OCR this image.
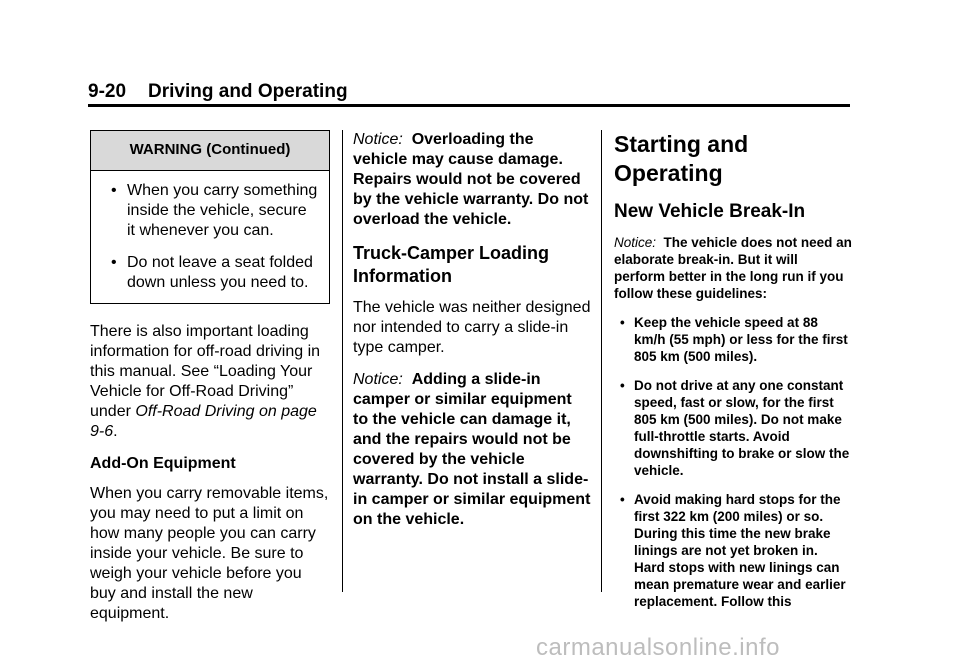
9-20 Driving and Operating
WARNING (Continued)
• When you carry something inside the vehicle, secure it whenever you can.
• Do not leave a seat folded down unless you need to.

There is also important loading information for off-road driving in this manual. See “Loading Your Vehicle for Off-Road Driving” under Off-Road Driving on page 9-6.

Add-On Equipment

When you carry removable items, you may need to put a limit on how many people you can carry inside your vehicle. Be sure to weigh your vehicle before you buy and install the new equipment.

Notice: Overloading the vehicle may cause damage. Repairs would not be covered by the vehicle warranty. Do not overload the vehicle.

Truck-Camper Loading Information

The vehicle was neither designed nor intended to carry a slide-in type camper.

Notice: Adding a slide-in camper or similar equipment to the vehicle can damage it, and the repairs would not be covered by the vehicle warranty. Do not install a slide-in camper or similar equipment on the vehicle.

Starting and Operating
New Vehicle Break-In

Notice: The vehicle does not need an elaborate break-in. But it will perform better in the long run if you follow these guidelines:

• Keep the vehicle speed at 88 km/h (55 mph) or less for the first 805 km (500 miles).
• Do not drive at any one constant speed, fast or slow, for the first 805 km (500 miles). Do not make full-throttle starts. Avoid downshifting to brake or slow the vehicle.
• Avoid making hard stops for the first 322 km (200 miles) or so. During this time the new brake linings are not yet broken in. Hard stops with new linings can mean premature wear and earlier replacement. Follow this
carmanualsonline.info
